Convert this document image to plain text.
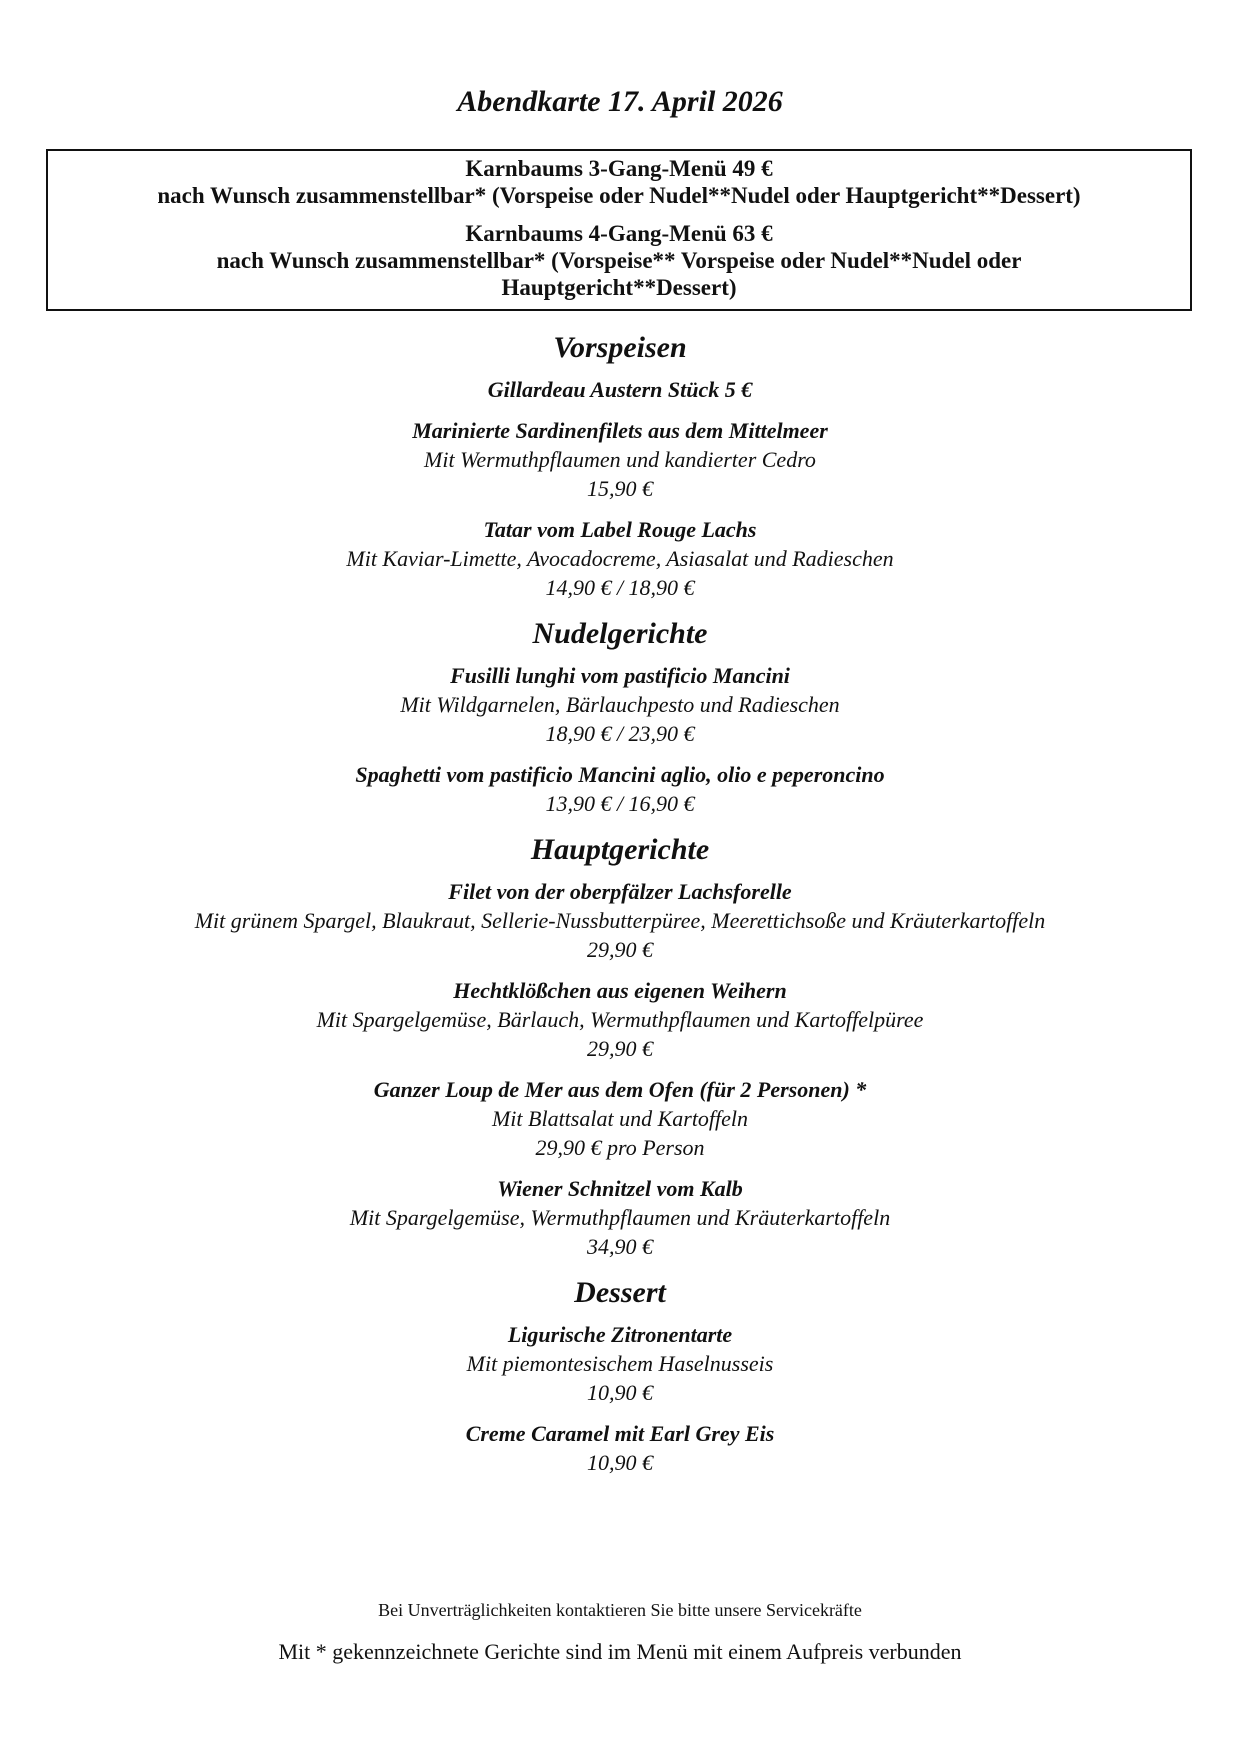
Abendkarte 17. April 2026
Karnbaums 3-Gang-Menü 49 €
nach Wunsch zusammenstellbar* (Vorspeise oder Nudel**Nudel oder Hauptgericht**Dessert)
Karnbaums 4-Gang-Menü 63 €
nach Wunsch zusammenstellbar* (Vorspeise** Vorspeise oder Nudel**Nudel oder Hauptgericht**Dessert)
Vorspeisen
Gillardeau Austern Stück 5 €
Marinierte Sardinenfilets aus dem Mittelmeer
Mit Wermuthpflaumen und kandierter Cedro
15,90 €
Tatar vom Label Rouge Lachs
Mit Kaviar-Limette, Avocadocreme, Asiasalat und Radieschen
14,90 € / 18,90 €
Nudelgerichte
Fusilli lunghi vom pastificio Mancini
Mit Wildgarnelen, Bärlauchpesto und Radieschen
18,90 € / 23,90 €
Spaghetti vom pastificio Mancini aglio, olio e peperoncino
13,90 € / 16,90 €
Hauptgerichte
Filet von der oberpfälzer Lachsforelle
Mit grünem Spargel, Blaukraut, Sellerie-Nussbutterpüree, Meerettichsoße und Kräuterkartoffeln
29,90 €
Hechtklößchen aus eigenen Weihern
Mit Spargelgemüse, Bärlauch, Wermuthpflaumen und Kartoffelpüree
29,90 €
Ganzer Loup de Mer aus dem Ofen (für 2 Personen) *
Mit Blattsalat und Kartoffeln
29,90 € pro Person
Wiener Schnitzel vom Kalb
Mit Spargelgemüse, Wermuthpflaumen und Kräuterkartoffeln
34,90 €
Dessert
Ligurische Zitronentarte
Mit piemontesischem Haselnusseis
10,90 €
Creme Caramel mit Earl Grey Eis
10,90 €
Bei Unverträglichkeiten kontaktieren Sie bitte unsere Servicekräfte
Mit * gekennzeichnete Gerichte sind im Menü mit einem Aufpreis verbunden
